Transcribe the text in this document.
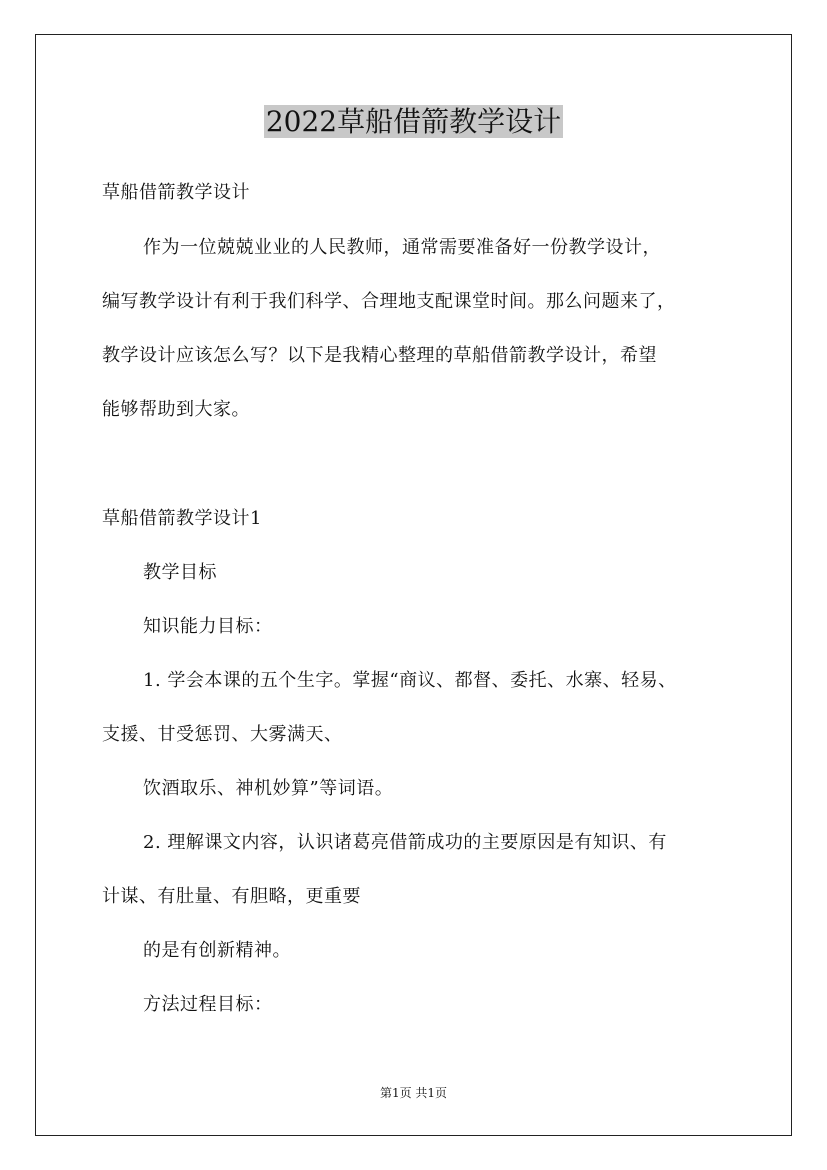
2022草船借箭教学设计
草船借箭教学设计
作为一位兢兢业业的人民教师，通常需要准备好一份教学设计，
编写教学设计有利于我们科学、合理地支配课堂时间。那么问题来了，
教学设计应该怎么写？以下是我精心整理的草船借箭教学设计，希望
能够帮助到大家。
草船借箭教学设计1
教学目标
知识能力目标：
1. 学会本课的五个生字。掌握“商议、都督、委托、水寨、轻易、
支援、甘受惩罚、大雾满天、
饮酒取乐、神机妙算”等词语。
2. 理解课文内容，认识诸葛亮借箭成功的主要原因是有知识、有
计谋、有肚量、有胆略，更重要
的是有创新精神。
方法过程目标：
第1页 共1页
